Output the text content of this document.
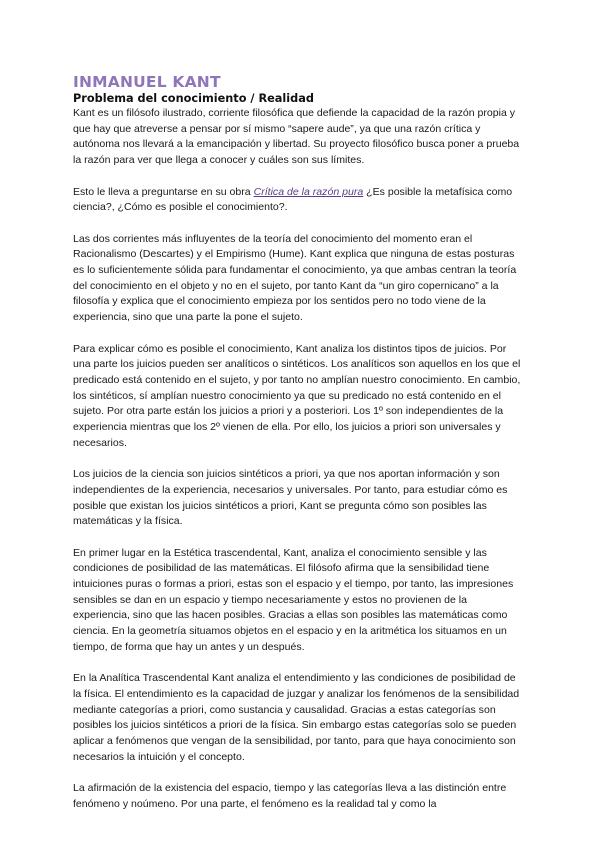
INMANUEL KANT
Problema del conocimiento / Realidad

Kant es un filósofo ilustrado, corriente filosófica que defiende la capacidad de la razón propia y que hay que atreverse a pensar por sí mismo “sapere aude”, ya que una razón crítica y autónoma nos llevará a la emancipación y libertad. Su proyecto filosófico busca poner a prueba la razón para ver que llega a conocer y cuáles son sus límites.

Esto le lleva a preguntarse en su obra Crítica de la razón pura ¿Es posible la metafísica como ciencia?, ¿Cómo es posible el conocimiento?.

Las dos corrientes más influyentes de la teoría del conocimiento del momento eran el Racionalismo (Descartes) y el Empirismo (Hume). Kant explica que ninguna de estas posturas es lo suficientemente sólida para fundamentar el conocimiento, ya que ambas centran la teoría del conocimiento en el objeto y no en el sujeto, por tanto Kant da “un giro copernicano” a la filosofía y explica que el conocimiento empieza por los sentidos pero no todo viene de la experiencia, sino que una parte la pone el sujeto.

Para explicar cómo es posible el conocimiento, Kant analiza los distintos tipos de juicios. Por una parte los juicios pueden ser analíticos o sintéticos. Los analíticos son aquellos en los que el predicado está contenido en el sujeto, y por tanto no amplían nuestro conocimiento. En cambio, los sintéticos, sí amplían nuestro conocimiento ya que su predicado no está contenido en el sujeto. Por otra parte están los juicios a priori y a posteriori. Los 1º son independientes de la experiencia mientras que los 2º vienen de ella. Por ello, los juicios a priori son universales y necesarios.

Los juicios de la ciencia son juicios sintéticos a priori, ya que nos aportan información y son independientes de la experiencia, necesarios y universales. Por tanto, para estudiar cómo es posible que existan los juicios sintéticos a priori, Kant se pregunta cómo son posibles las matemáticas y la física.

En primer lugar en la Estética trascendental, Kant, analiza el conocimiento sensible y las condiciones de posibilidad de las matemáticas. El filósofo afirma que la sensibilidad tiene intuiciones puras o formas a priori, estas son el espacio y el tiempo, por tanto, las impresiones sensibles se dan en un espacio y tiempo necesariamente y estos no provienen de la experiencia, sino que las hacen posibles. Gracias a ellas son posibles las matemáticas como ciencia. En la geometría situamos objetos en el espacio y en la aritmética los situamos en un tiempo, de forma que hay un antes y un después.

En la Analítica Trascendental Kant analiza el entendimiento y las condiciones de posibilidad de la física. El entendimiento es la capacidad de juzgar y analizar los fenómenos de la sensibilidad mediante categorías a priori, como sustancia y causalidad. Gracias a estas categorías son posibles los juicios sintéticos a priori de la física. Sin embargo estas categorías solo se pueden aplicar a fenómenos que vengan de la sensibilidad, por tanto, para que haya conocimiento son necesarios la intuición y el concepto.

La afirmación de la existencia del espacio, tiempo y las categorías lleva a las distinción entre fenómeno y noúmeno. Por una parte, el fenómeno es la realidad tal y como la
